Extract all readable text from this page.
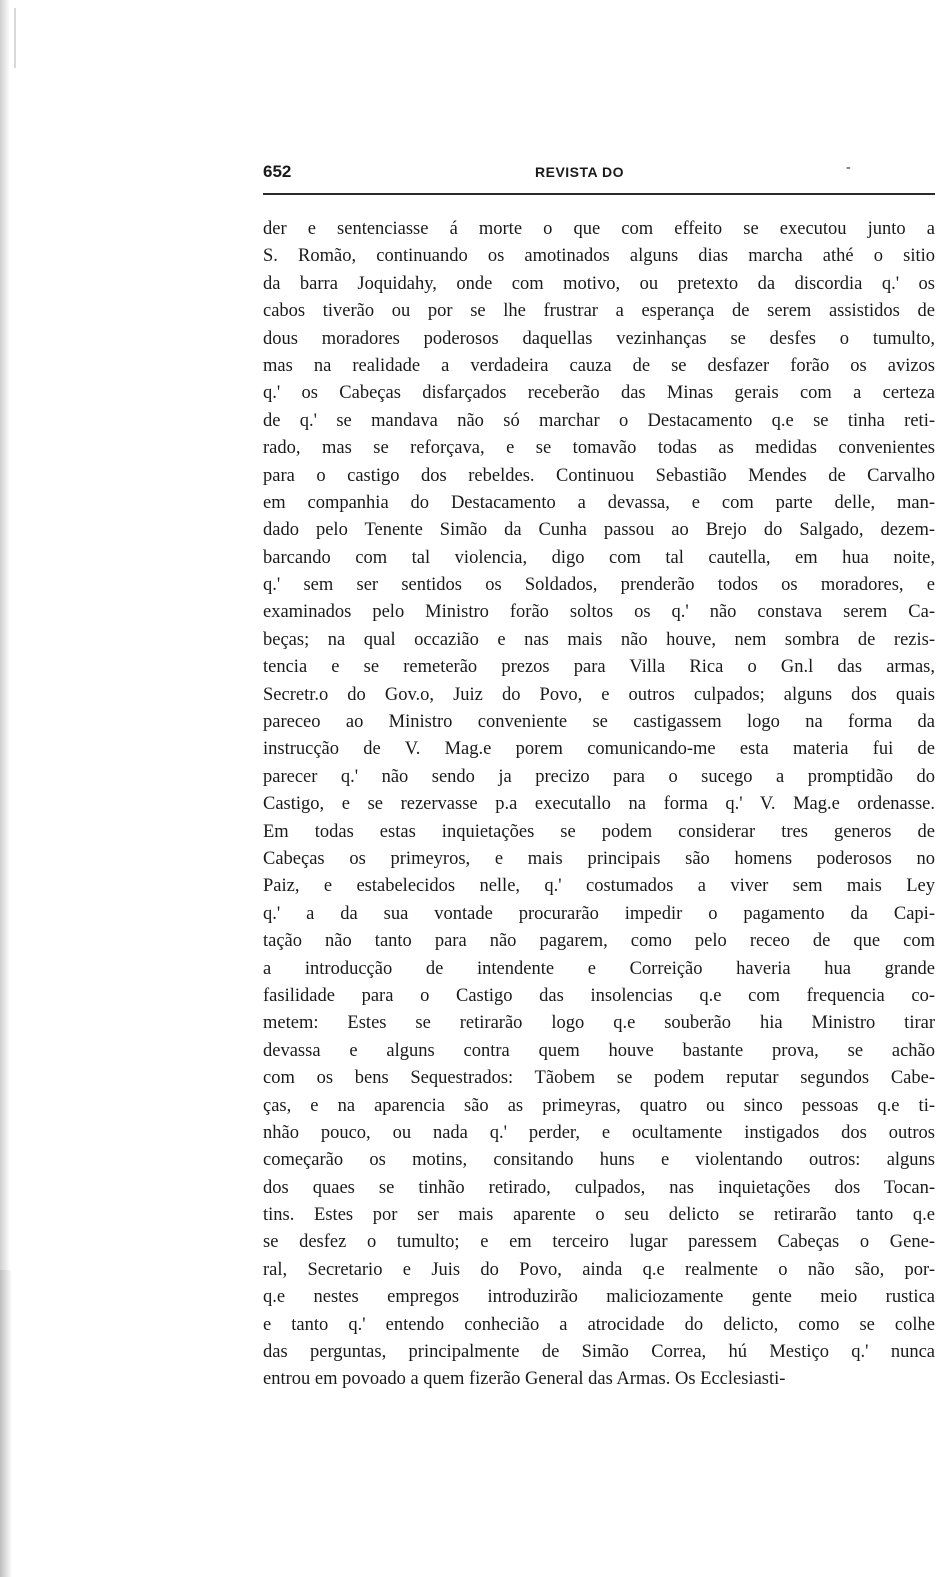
652	REVISTA DO	-
der e sentenciasse á morte o que com effeito se executou junto a
S. Romão, continuando os amotinados alguns dias marcha athé o sitio
da barra Joquidahy, onde com motivo, ou pretexto da discordia q.' os
cabos tiverão ou por se lhe frustrar a esperança de serem assistidos de
dous moradores poderosos daquellas vezinhanças se desfes o tumulto,
mas na realidade a verdadeira cauza de se desfazer forão os avizos
q.' os Cabeças disfarçados receberão das Minas gerais com a certeza
de q.' se mandava não só marchar o Destacamento q.e se tinha reti-
rado, mas se reforçava, e se tomavão todas as medidas convenientes
para o castigo dos rebeldes. Continuou Sebastião Mendes de Carvalho
em companhia do Destacamento a devassa, e com parte delle, man-
dado pelo Tenente Simão da Cunha passou ao Brejo do Salgado, dezem-
barcando com tal violencia, digo com tal cautella, em hua noite,
q.' sem ser sentidos os Soldados, prenderão todos os moradores, e
examinados pelo Ministro forão soltos os q.' não constava serem Ca-
beças; na qual occazião e nas mais não houve, nem sombra de rezis-
tencia e se remeterão prezos para Villa Rica o Gn.l das armas,
Secretr.o do Gov.o, Juiz do Povo, e outros culpados; alguns dos quais
pareceo ao Ministro conveniente se castigassem logo na forma da
instrucção de V. Mag.e porem comunicando-me esta materia fui de
parecer q.' não sendo ja precizo para o sucego a promptidão do
Castigo, e se rezervasse p.a executallo na forma q.' V. Mag.e ordenasse.
Em todas estas inquietações se podem considerar tres generos de
Cabeças os primeyros, e mais principais são homens poderosos no
Paiz, e estabelecidos nelle, q.' costumados a viver sem mais Ley
q.' a da sua vontade procurarão impedir o pagamento da Capi-
tação não tanto para não pagarem, como pelo receo de que com
a introducção de intendente e Correição haveria hua grande
fasilidade para o Castigo das insolencias q.e com frequencia co-
metem: Estes se retirarão logo q.e souberão hia Ministro tirar
devassa e alguns contra quem houve bastante prova, se achão
com os bens Sequestrados: Tãobem se podem reputar segundos Cabe-
ças, e na aparencia são as primeyras, quatro ou sinco pessoas q.e ti-
nhão pouco, ou nada q.' perder, e ocultamente instigados dos outros
começarão os motins, consitando huns e violentando outros: alguns
dos quaes se tinhão retirado, culpados, nas inquietações dos Tocan-
tins. Estes por ser mais aparente o seu delicto se retirarão tanto q.e
se desfez o tumulto; e em terceiro lugar paressem Cabeças o Gene-
ral, Secretario e Juis do Povo, ainda q.e realmente o não são, por-
q.e nestes empregos introduzirão maliciozamente gente meio rustica
e tanto q.' entendo conhecião a atrocidade do delicto, como se colhe
das perguntas, principalmente de Simão Correa, hú Mestiço q.' nunca
entrou em povoado a quem fizerão General das Armas. Os Ecclesiasti-
